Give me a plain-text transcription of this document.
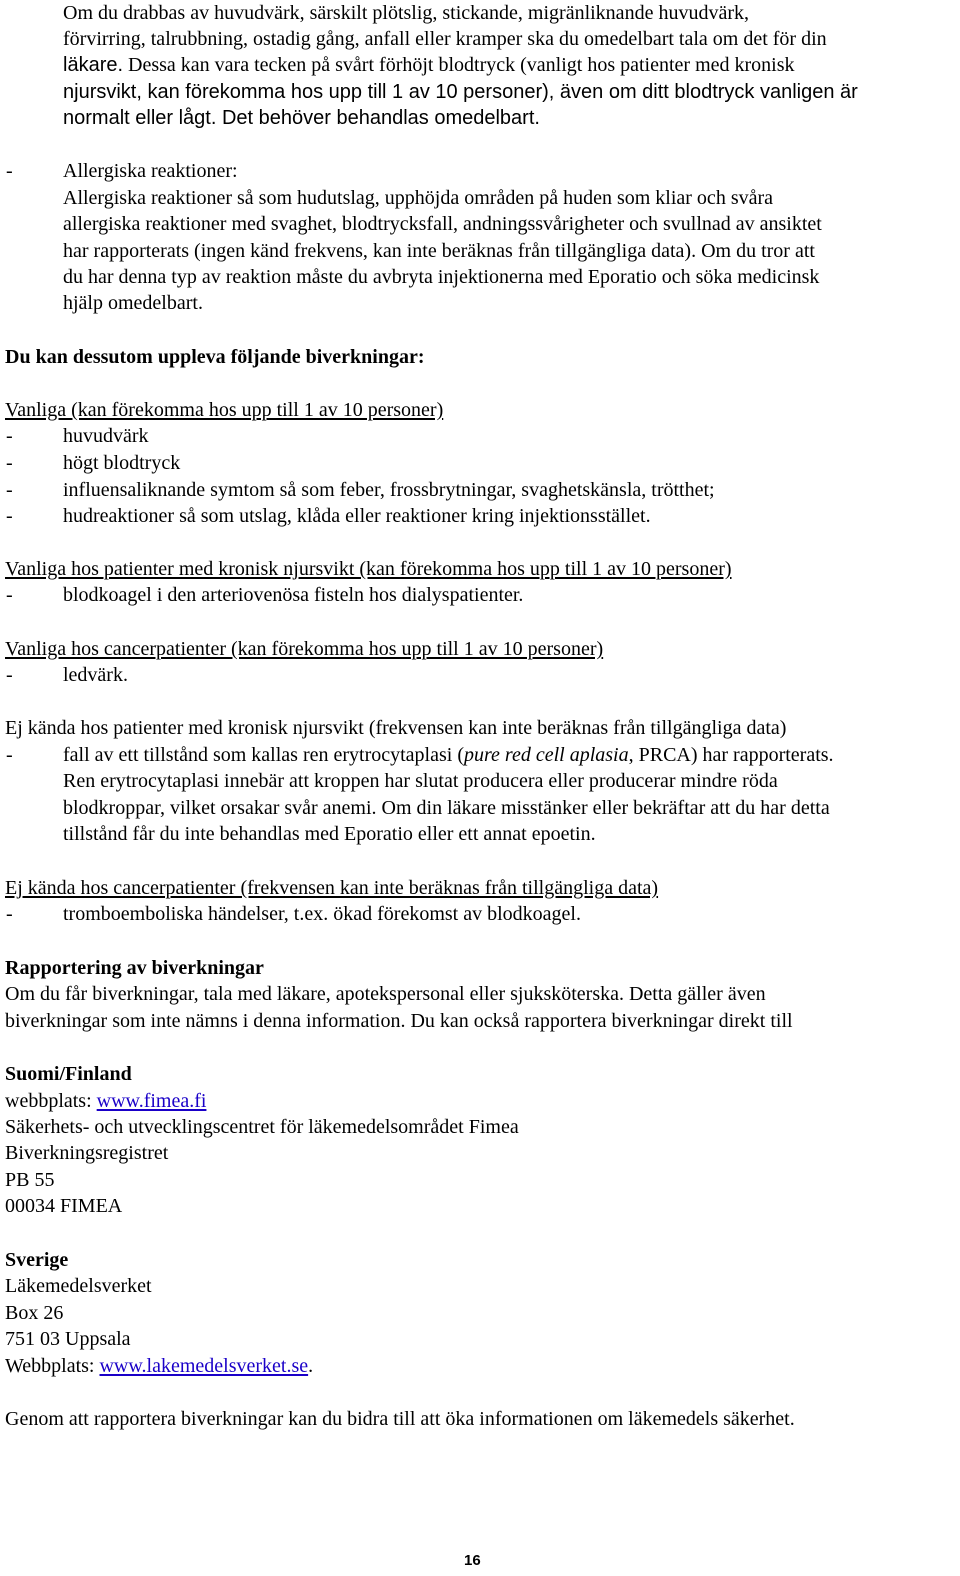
Om du drabbas av huvudvärk, särskilt plötslig, stickande, migränliknande huvudvärk,
förvirring, talrubbning, ostadig gång, anfall eller kramper ska du omedelbart tala om det för din
läkare. Dessa kan vara tecken på svårt förhöjt blodtryck (vanligt hos patienter med kronisk
njursvikt, kan förekomma hos upp till 1 av 10 personer), även om ditt blodtryck vanligen är
normalt eller lågt. Det behöver behandlas omedelbart.
-	Allergiska reaktioner:
Allergiska reaktioner så som hudutslag, upphöjda områden på huden som kliar och svåra
allergiska reaktioner med svaghet, blodtrycksfall, andningssvårigheter och svullnad av ansiktet
har rapporterats (ingen känd frekvens, kan inte beräknas från tillgängliga data). Om du tror att
du har denna typ av reaktion måste du avbryta injektionerna med Eporatio och söka medicinsk
hjälp omedelbart.
Du kan dessutom uppleva följande biverkningar:
Vanliga (kan förekomma hos upp till 1 av 10 personer)
-	huvudvärk
-	högt blodtryck
-	influensaliknande symtom så som feber, frossbrytningar, svaghetskänsla, trötthet;
-	hudreaktioner så som utslag, klåda eller reaktioner kring injektionsstället.
Vanliga hos patienter med kronisk njursvikt (kan förekomma hos upp till 1 av 10 personer)
-	blodkoagel i den arteriovenösa fisteln hos dialyspatienter.
Vanliga hos cancerpatienter (kan förekomma hos upp till 1 av 10 personer)
-	ledvärk.
Ej kända hos patienter med kronisk njursvikt (frekvensen kan inte beräknas från tillgängliga data)
-	fall av ett tillstånd som kallas ren erytrocytaplasi (pure red cell aplasia, PRCA) har rapporterats.
Ren erytrocytaplasi innebär att kroppen har slutat producera eller producerar mindre röda
blodkroppar, vilket orsakar svår anemi. Om din läkare misstänker eller bekräftar att du har detta
tillstånd får du inte behandlas med Eporatio eller ett annat epoetin.
Ej kända hos cancerpatienter (frekvensen kan inte beräknas från tillgängliga data)
-	tromboemboliska händelser, t.ex. ökad förekomst av blodkoagel.
Rapportering av biverkningar
Om du får biverkningar, tala med läkare, apotekspersonal eller sjuksköterska. Detta gäller även
biverkningar som inte nämns i denna information. Du kan också rapportera biverkningar direkt till
Suomi/Finland
webbplats: www.fimea.fi
Säkerhets- och utvecklingscentret för läkemedelsområdet Fimea
Biverkningsregistret
PB 55
00034 FIMEA
Sverige
Läkemedelsverket
Box 26
751 03 Uppsala
Webbplats: www.lakemedelsverket.se.
Genom att rapportera biverkningar kan du bidra till att öka informationen om läkemedels säkerhet.
16
